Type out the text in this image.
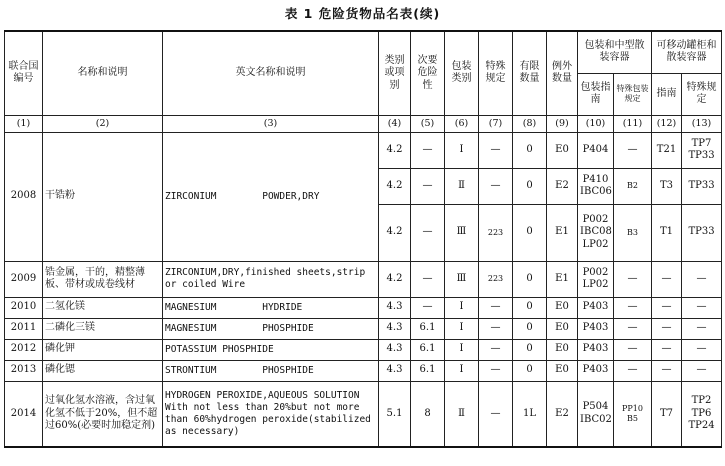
表 1 危险货物品名表(续)
联合国编号	名称和说明	英文名称和说明	类别或项别	次要危险性	包装类别	特殊规定	有限数量	例外数量	包装和中型散装容器		可移动罐柜和散装容器	
									包装指南	特殊包装规定	指南	特殊规定
(1)	(2)	(3)	(4)	(5)	(6)	(7)	(8)	(9)	(10)	(11)	(12)	(13)
2008	干锆粉	ZIRCONIUM        POWDER,DRY	4.2	—	Ⅰ	—	0	E0	P404	—	T21	TP7
TP33
			4.2	—	Ⅱ	—	0	E2	P410
IBC06	B2	T3	TP33
			4.2	—	Ⅲ	223	0	E1	P002
IBC08
LP02	B3	T1	TP33
2009	锆金属，干的，精整薄板、带材或成卷线材	ZIRCONIUM,DRY,finished sheets,strip or coiled Wire	4.2	—	Ⅲ	223	0	E1	P002
LP02	—	—	—
2010	二氢化镁	MAGNESIUM        HYDRIDE	4.3	—	Ⅰ	—	0	E0	P403	—	—	—
2011	二磷化三镁	MAGNESIUM        PHOSPHIDE	4.3	6.1	Ⅰ	—	0	E0	P403	—	—	—
2012	磷化钾	POTASSIUM PHOSPHIDE	4.3	6.1	Ⅰ	—	0	E0	P403	—	—	—
2013	磷化锶	STRONTIUM        PHOSPHIDE	4.3	6.1	Ⅰ	—	0	E0	P403	—	—	—
2014	过氧化氢水溶液，含过氧化氢不低于20%，但不超过60%(必要时加稳定剂)	HYDROGEN PEROXIDE,AQUEOUS SOLUTION With not less than 20%but not more than 60%hydrogen peroxide(stabilized as necessary)	5.1	8	Ⅱ	—	1L	E2	P504
IBC02	PP10
B5	T7	TP2
TP6
TP24
